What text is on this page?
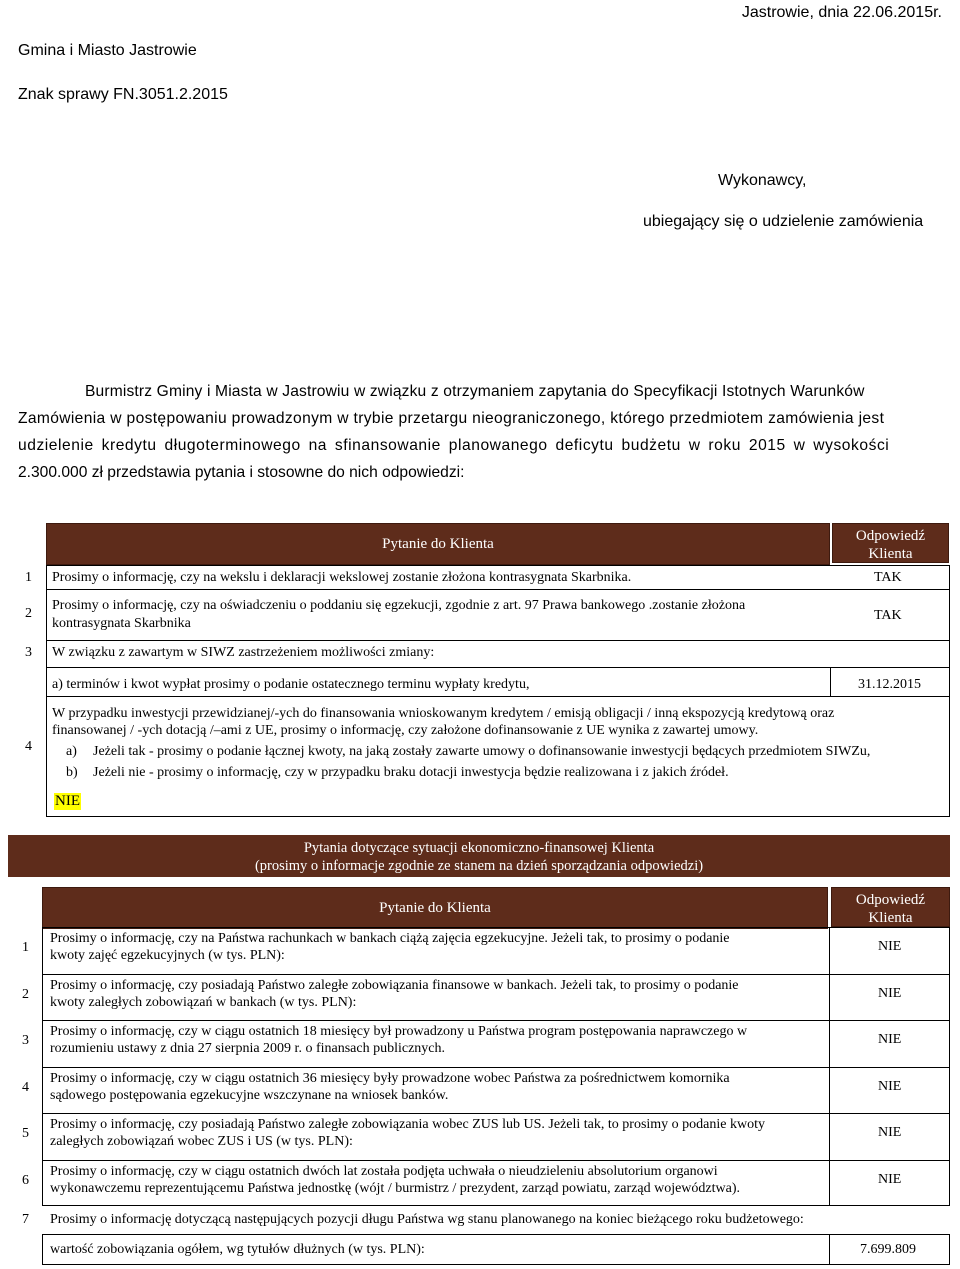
Jastrowie, dnia 22.06.2015r.
Gmina i Miasto Jastrowie
Znak sprawy FN.3051.2.2015
Wykonawcy,
ubiegający się o udzielenie zamówienia
Burmistrz Gminy i Miasta w Jastrowiu w związku z otrzymaniem zapytania do Specyfikacji Istotnych Warunków
Zamówienia w postępowaniu prowadzonym w trybie przetargu nieograniczonego, którego przedmiotem zamówienia jest
udzielenie kredytu długoterminowego na sfinansowanie planowanego deficytu budżetu w roku 2015 w wysokości
2.300.000 zł przedstawia pytania i stosowne do nich odpowiedzi:
Pytanie do Klienta	Odpowiedź
Klienta
1 Prosimy o informację, czy na wekslu i deklaracji wekslowej zostanie złożona kontrasygnata Skarbnika.	TAK
2
Prosimy o informację, czy na oświadczeniu o poddaniu się egzekucji, zgodnie z art. 97 Prawa bankowego .zostanie złożona
kontrasygnata Skarbnika
TAK
3 W związku z zawartym w SIWZ zastrzeżeniem możliwości zmiany:
a) terminów i kwot wypłat prosimy o podanie ostatecznego terminu wypłaty kredytu,	31.12.2015
4
W przypadku inwestycji przewidzianej/-ych do finansowania wnioskowanym kredytem / emisją obligacji / inną ekspozycją kredytową oraz
finansowanej / -ych dotacją /–ami z UE, prosimy o informację, czy założone dofinansowanie z UE wynika z zawartej umowy.
a) Jeżeli tak - prosimy o podanie łącznej kwoty, na jaką zostały zawarte umowy o dofinansowanie inwestycji będących przedmiotem SIWZu,
b) Jeżeli nie - prosimy o informację, czy w przypadku braku dotacji inwestycja będzie realizowana i z jakich źródeł.
NIE
Pytania dotyczące sytuacji ekonomiczno-finansowej Klienta
(prosimy o informacje zgodnie ze stanem na dzień sporządzania odpowiedzi)
Pytanie do Klienta	Odpowiedź
Klienta
1
Prosimy o informację, czy na Państwa rachunkach w bankach ciążą zajęcia egzekucyjne. Jeżeli tak, to prosimy o podanie
kwoty zajęć egzekucyjnych (w tys. PLN):
NIE
2
Prosimy o informację, czy posiadają Państwo zaległe zobowiązania finansowe w bankach. Jeżeli tak, to prosimy o podanie
kwoty zaległych zobowiązań w bankach (w tys. PLN):
NIE
3
Prosimy o informację, czy w ciągu ostatnich 18 miesięcy był prowadzony u Państwa program postępowania naprawczego w
rozumieniu ustawy z dnia 27 sierpnia 2009 r. o finansach publicznych.
NIE
4
Prosimy o informację, czy w ciągu ostatnich 36 miesięcy były prowadzone wobec Państwa za pośrednictwem komornika
sądowego postępowania egzekucyjne wszczynane na wniosek banków.
NIE
5
Prosimy o informację, czy posiadają Państwo zaległe zobowiązania wobec ZUS lub US. Jeżeli tak, to prosimy o podanie kwoty
zaległych zobowiązań wobec ZUS i US (w tys. PLN):
NIE
6
Prosimy o informację, czy w ciągu ostatnich dwóch lat została podjęta uchwała o nieudzieleniu absolutorium organowi
wykonawczemu reprezentującemu Państwa jednostkę (wójt / burmistrz / prezydent, zarząd powiatu, zarząd województwa).
NIE
7 Prosimy o informację dotyczącą następujących pozycji długu Państwa wg stanu planowanego na koniec bieżącego roku budżetowego:
wartość zobowiązania ogółem, wg tytułów dłużnych (w tys. PLN):	7.699.809
